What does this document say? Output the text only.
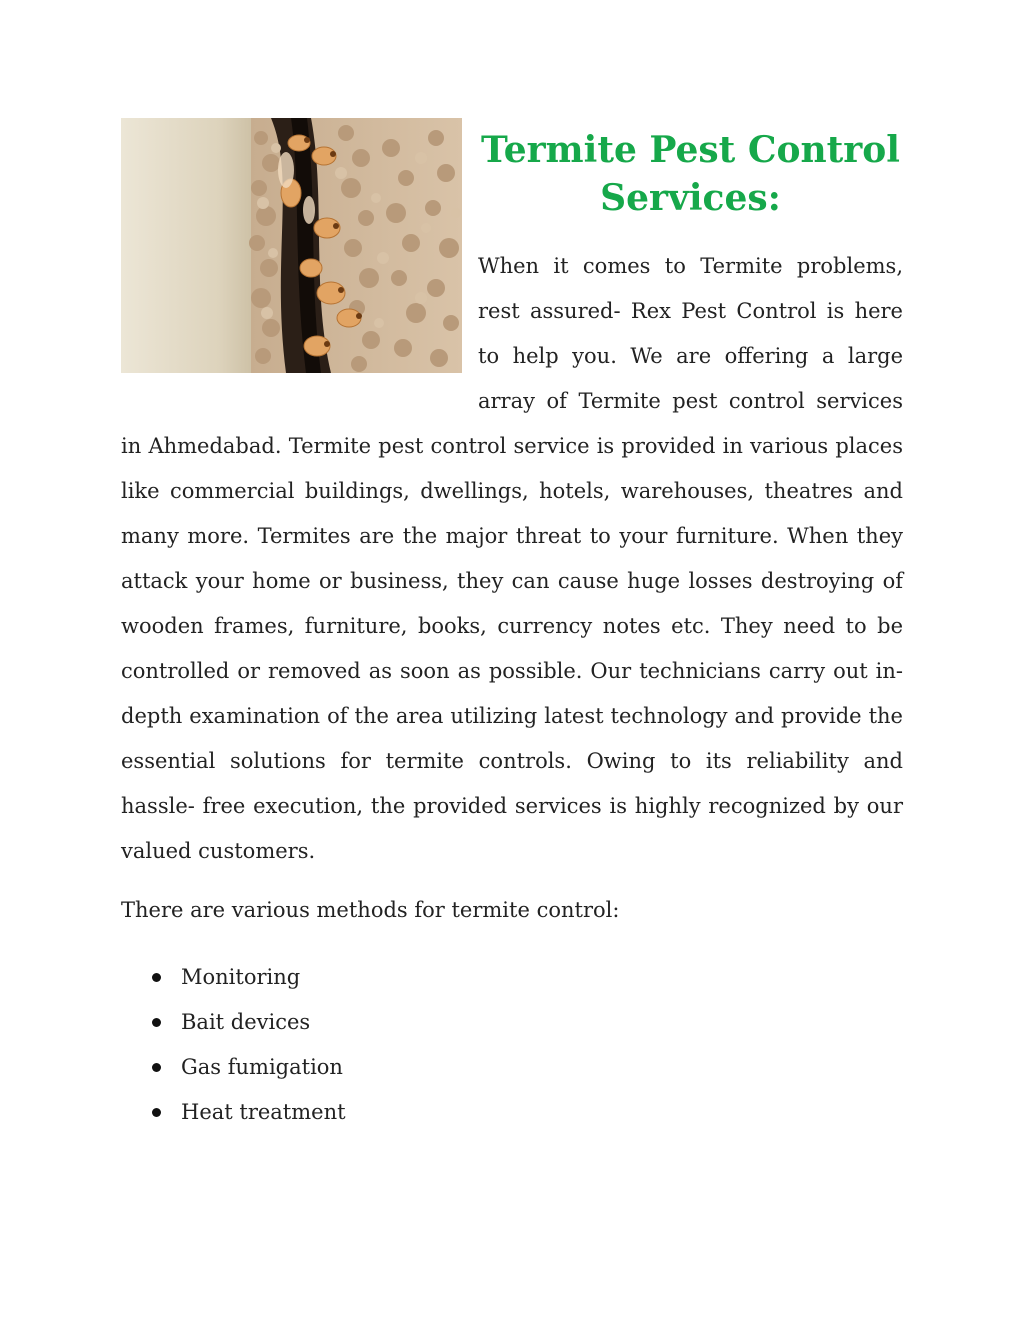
Termite Pest Control Services:

When it comes to Termite problems, rest assured- Rex Pest Control is here to help you. We are offering a large array of Termite pest control services in Ahmedabad. Termite pest control service is provided in various places like commercial buildings, dwellings, hotels, warehouses, theatres and many more. Termites are the major threat to your furniture. When they attack your home or business, they can cause huge losses destroying of wooden frames, furniture, books, currency notes etc. They need to be controlled or removed as soon as possible. Our technicians carry out in- depth examination of the area utilizing latest technology and provide the essential solutions for termite controls. Owing to its reliability and hassle- free execution, the provided services is highly recognized by our valued customers.

There are various methods for termite control:

Monitoring
Bait devices
Gas fumigation
Heat treatment
